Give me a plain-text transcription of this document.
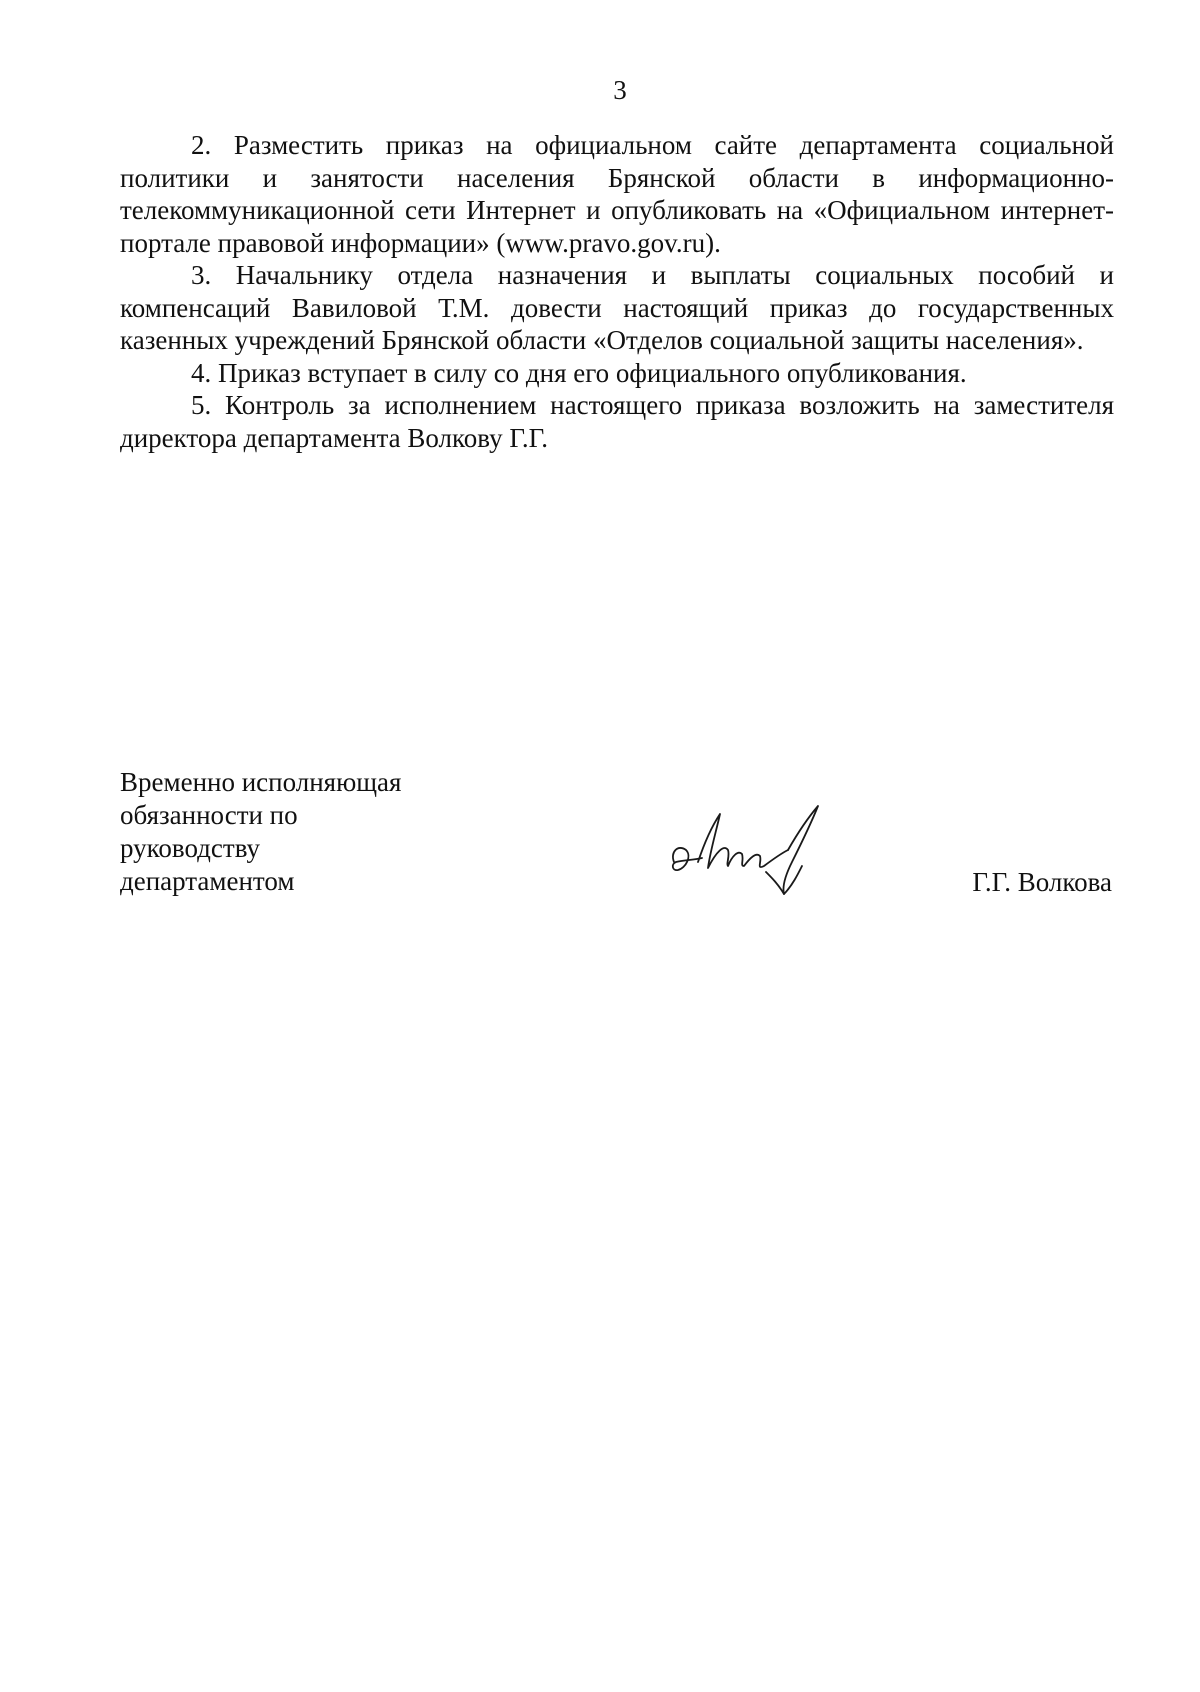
3

2. Разместить приказ на официальном сайте департамента социальной политики и занятости населения Брянской области в информационно-телекоммуникационной сети Интернет и опубликовать на «Официальном интернет-портале правовой информации» (www.pravo.gov.ru).

3. Начальнику отдела назначения и выплаты социальных пособий и компенсаций Вавиловой Т.М. довести настоящий приказ до государственных казенных учреждений Брянской области «Отделов социальной защиты населения».

4. Приказ вступает в силу со дня его официального опубликования.

5. Контроль за исполнением настоящего приказа возложить на заместителя директора департамента Волкову Г.Г.

Временно исполняющая
обязанности по
руководству
департаментом	Г.Г. Волкова
